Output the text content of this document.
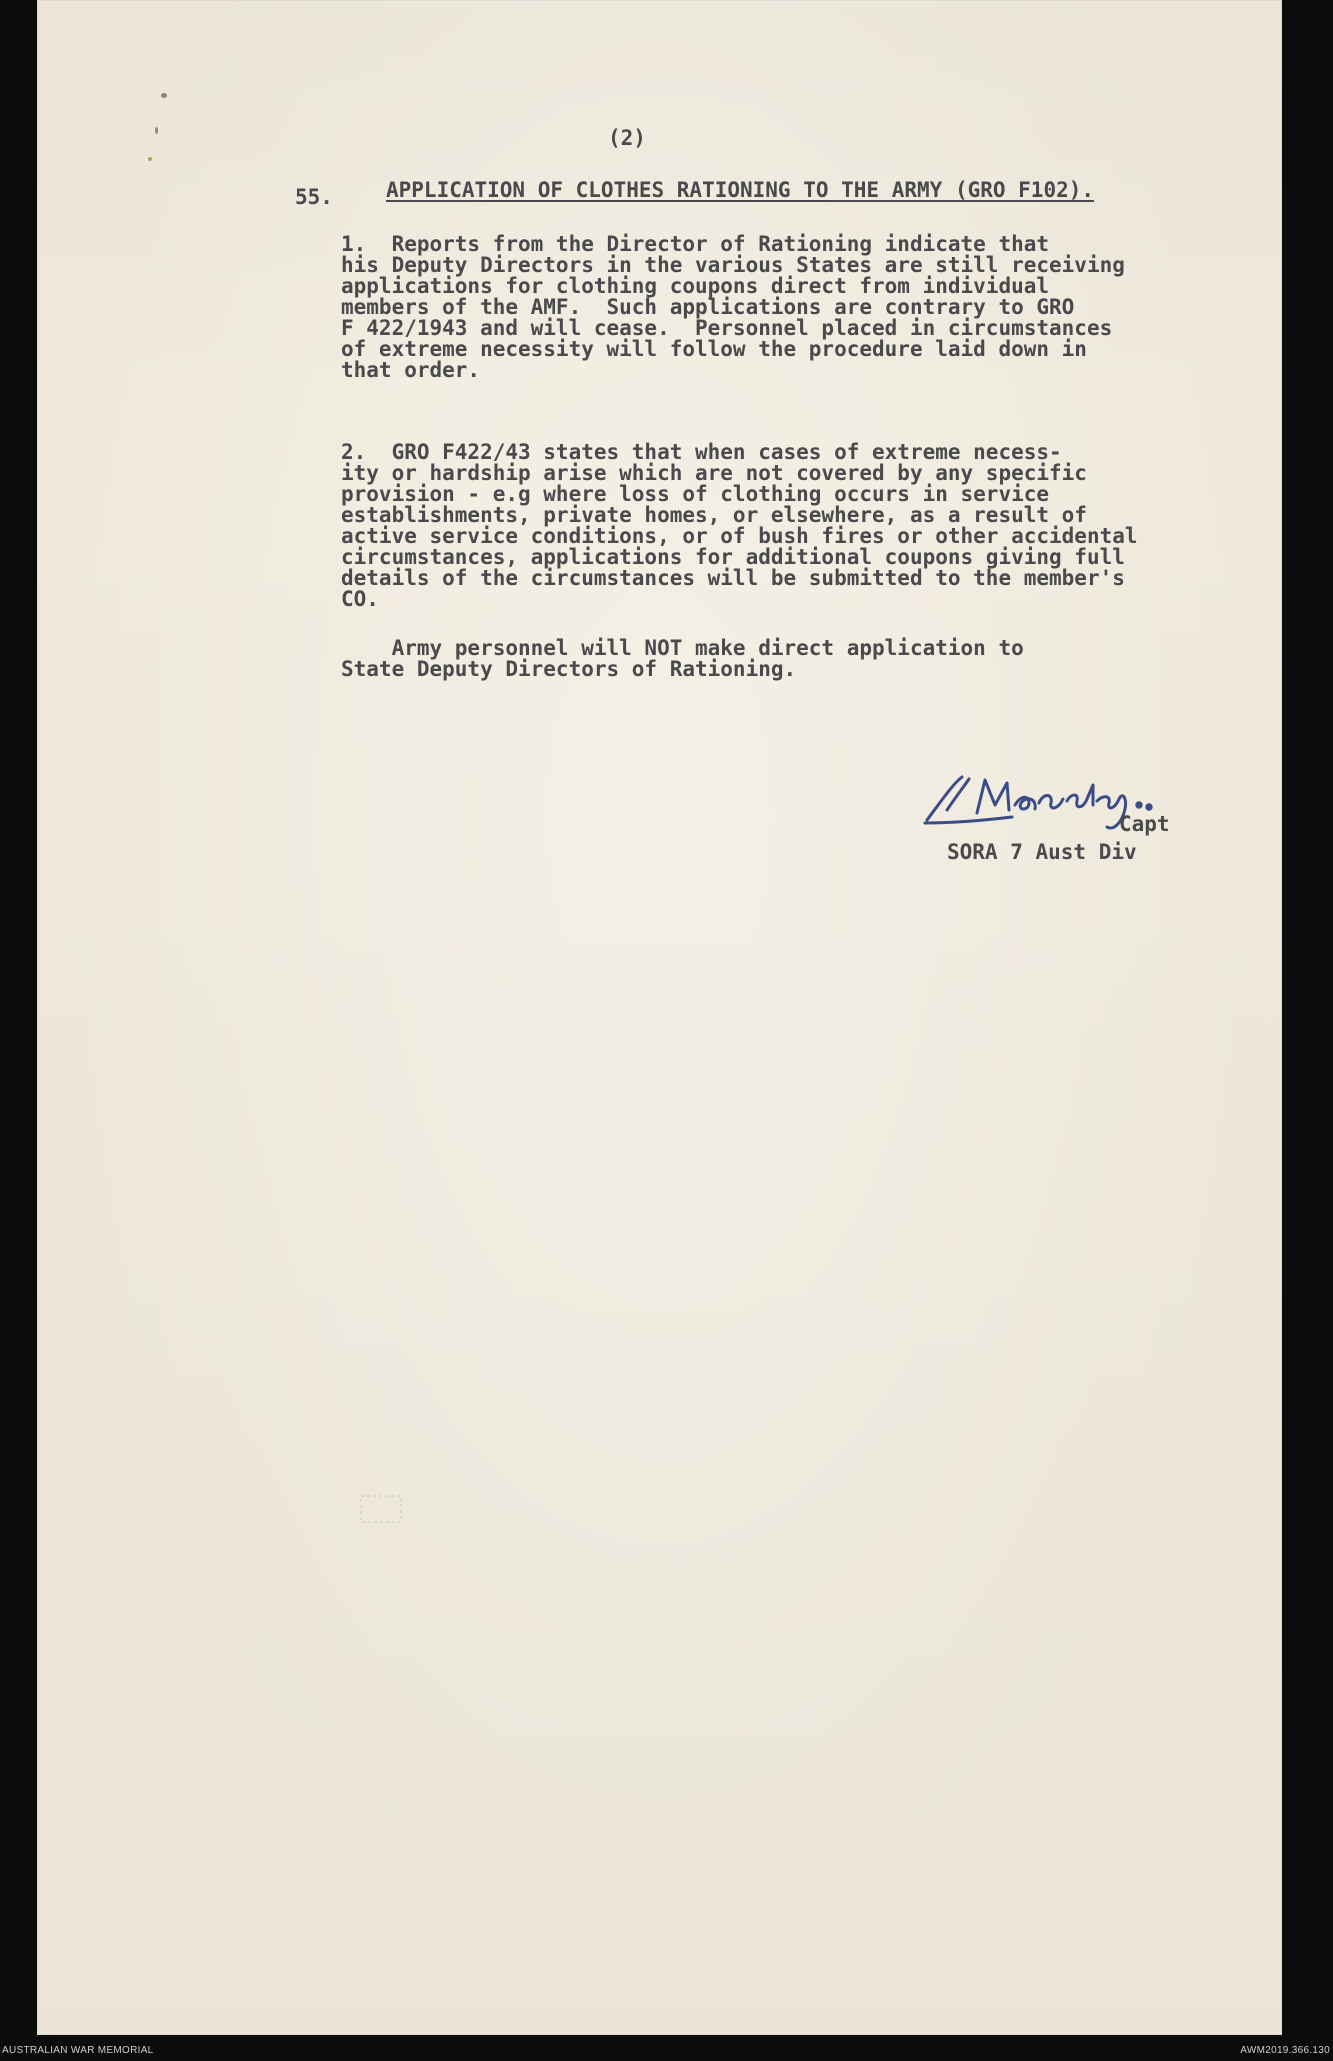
(2)
55.	APPLICATION OF CLOTHES RATIONING TO THE ARMY (GRO F102).
1.  Reports from the Director of Rationing indicate that
his Deputy Directors in the various States are still receiving
applications for clothing coupons direct from individual
members of the AMF.  Such applications are contrary to GRO
F 422/1943 and will cease.  Personnel placed in circumstances
of extreme necessity will follow the procedure laid down in
that order.
2.  GRO F422/43 states that when cases of extreme necess-
ity or hardship arise which are not covered by any specific
provision - e.g where loss of clothing occurs in service
establishments, private homes, or elsewhere, as a result of
active service conditions, or of bush fires or other accidental
circumstances, applications for additional coupons giving full
details of the circumstances will be submitted to the member's
CO.
Army personnel will NOT make direct application to
State Deputy Directors of Rationing.
Capt
SORA 7 Aust Div
AUSTRALIAN WAR MEMORIAL	AWM2019.366.130
